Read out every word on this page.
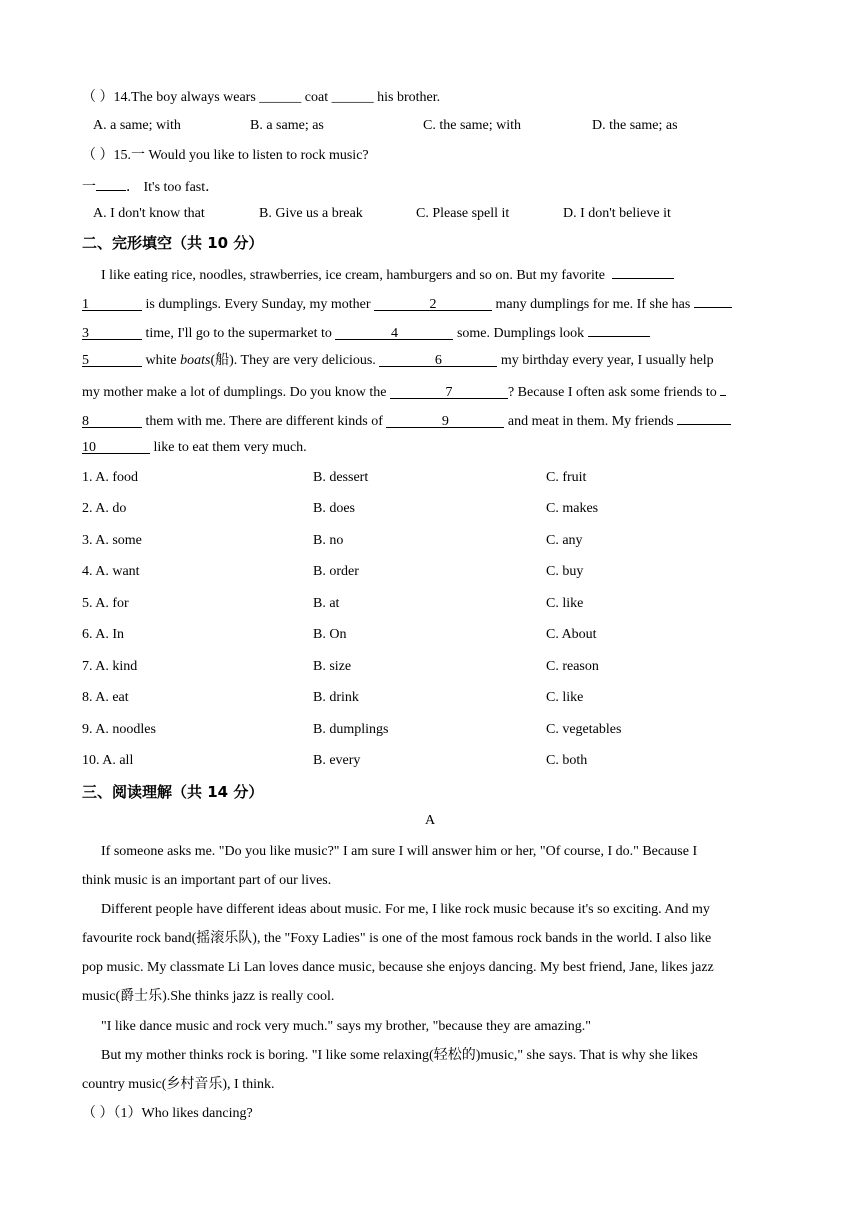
（ ）14.The boy always wears ______ coat ______ his brother.
A. a same; with	B. a same; as	C. the same; with	D. the same; as
（ ）15.一 Would you like to listen to rock music?
一 ． It's too fast．
A. I don't know that	B. Give us a break	C. Please spell it	D. I don't believe it
二、完形填空（共 10 分）
I like eating rice, noodles, strawberries, ice cream, hamburgers and so on. But my favorite
1	is dumplings. Every Sunday, my mother	2	many dumplings for me. If she has
3	time, I'll go to the supermarket to	4	some. Dumplings look
5	white boats(船). They are very delicious.	6	my birthday every year, I usually help
my mother make a lot of dumplings. Do you know the	7	? Because I often ask some friends to
8	them with me. There are different kinds of	9	and meat in them. My friends
10	like to eat them very much.
1. A. food	B. dessert	C. fruit
2. A. do	B. does	C. makes
3. A. some	B. no	C. any
4. A. want	B. order	C. buy
5. A. for	B. at	C. like
6. A. In	B. On	C. About
7. A. kind	B. size	C. reason
8. A. eat	B. drink	C. like
9. A. noodles	B. dumplings	C. vegetables
10. A. all	B. every	C. both
三、阅读理解（共 14 分）
A
If someone asks me. "Do you like music?" I am sure I will answer him or her, "Of course, I do." Because I
think music is an important part of our lives.
Different people have different ideas about music. For me, I like rock music because it's so exciting. And my
favourite rock band(摇滚乐队), the "Foxy Ladies" is one of the most famous rock bands in the world. I also like
pop music. My classmate Li Lan loves dance music, because she enjoys dancing. My best friend, Jane, likes jazz
music(爵士乐).She thinks jazz is really cool.
"I like dance music and rock very much." says my brother, "because they are amazing."
But my mother thinks rock is boring. "I like some relaxing(轻松的)music," she says. That is why she likes
country music(乡村音乐), I think.
（ ）（1）Who likes dancing?
